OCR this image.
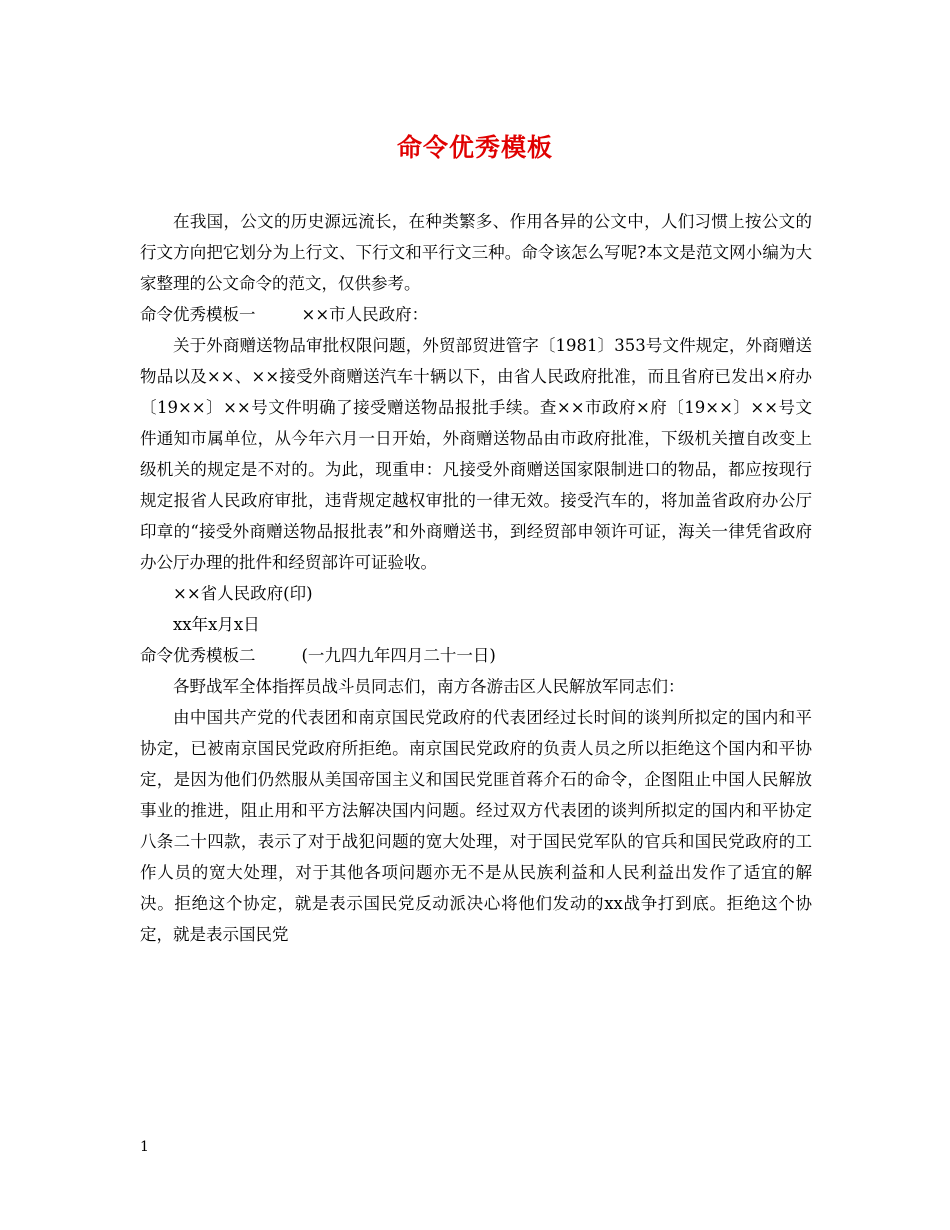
命令优秀模板

在我国，公文的历史源远流长，在种类繁多、作用各异的公文中，人们习惯上按公文的行文方向把它划分为上行文、下行文和平行文三种。命令该怎么写呢?本文是范文网小编为大家整理的公文命令的范文，仅供参考。

命令优秀模板一	××市人民政府：

关于外商赠送物品审批权限问题，外贸部贸进管字〔1981〕353号文件规定，外商赠送物品以及××、××接受外商赠送汽车十辆以下，由省人民政府批准，而且省府已发出×府办〔19××〕××号文件明确了接受赠送物品报批手续。查××市政府×府〔19××〕××号文件通知市属单位，从今年六月一日开始，外商赠送物品由市政府批准，下级机关擅自改变上级机关的规定是不对的。为此，现重申：凡接受外商赠送国家限制进口的物品，都应按现行规定报省人民政府审批，违背规定越权审批的一律无效。接受汽车的，将加盖省政府办公厅印章的“接受外商赠送物品报批表”和外商赠送书，到经贸部申领许可证，海关一律凭省政府办公厅办理的批件和经贸部许可证验收。

××省人民政府(印)

xx年x月x日

命令优秀模板二	(一九四九年四月二十一日)

各野战军全体指挥员战斗员同志们，南方各游击区人民解放军同志们：

由中国共产党的代表团和南京国民党政府的代表团经过长时间的谈判所拟定的国内和平协定，已被南京国民党政府所拒绝。南京国民党政府的负责人员之所以拒绝这个国内和平协定，是因为他们仍然服从美国帝国主义和国民党匪首蒋介石的命令，企图阻止中国人民解放事业的推进，阻止用和平方法解决国内问题。经过双方代表团的谈判所拟定的国内和平协定八条二十四款，表示了对于战犯问题的宽大处理，对于国民党军队的官兵和国民党政府的工作人员的宽大处理，对于其他各项问题亦无不是从民族利益和人民利益出发作了适宜的解决。拒绝这个协定，就是表示国民党反动派决心将他们发动的xx战争打到底。拒绝这个协定，就是表示国民党

1
